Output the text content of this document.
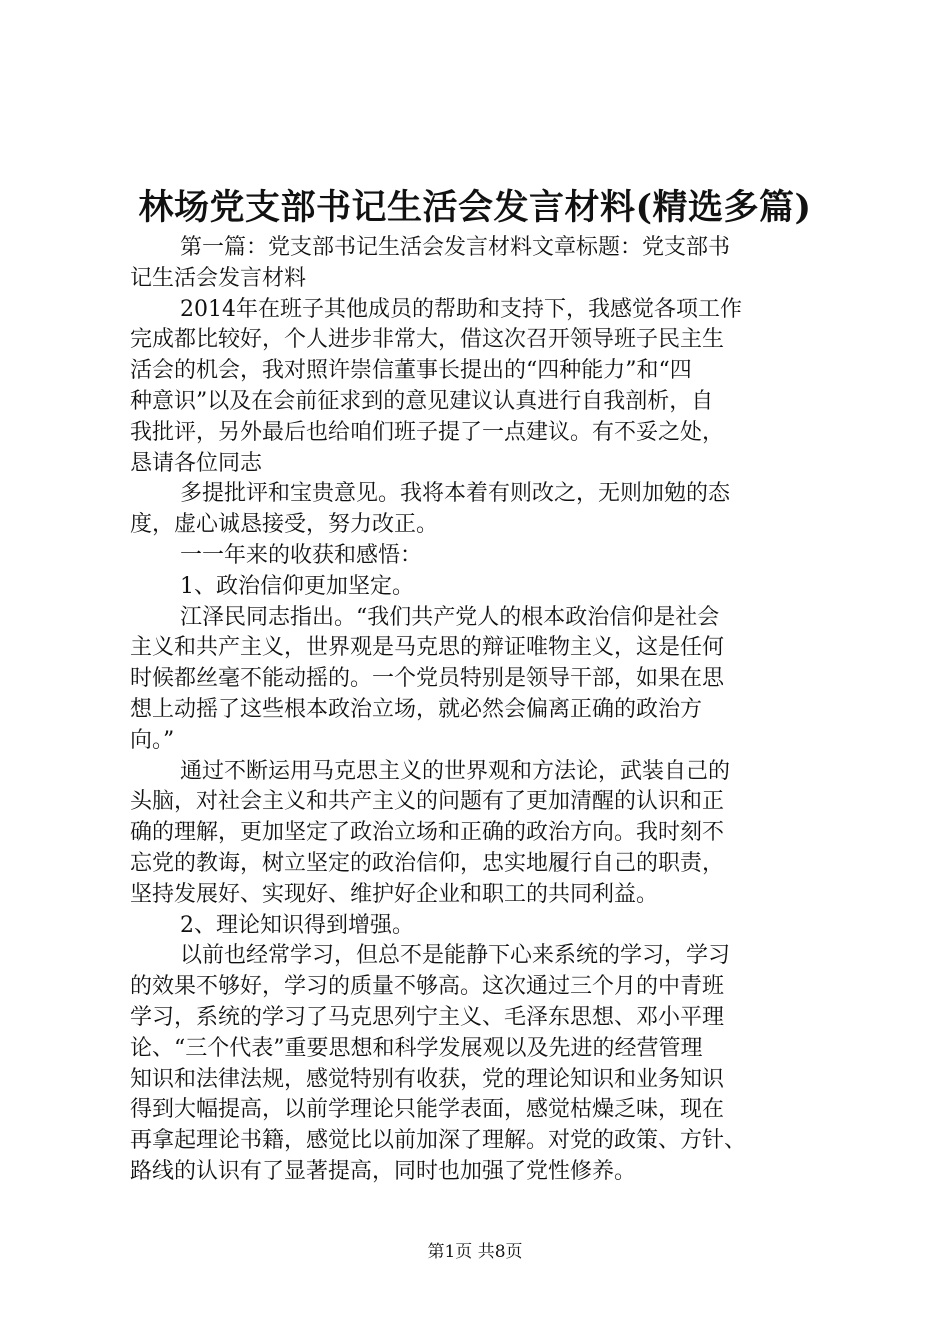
林场党支部书记生活会发言材料(精选多篇)
第一篇：党支部书记生活会发言材料文章标题：党支部书
记生活会发言材料
2014年在班子其他成员的帮助和支持下，我感觉各项工作
完成都比较好，个人进步非常大，借这次召开领导班子民主生
活会的机会，我对照许崇信董事长提出的“四种能力”和“四
种意识”以及在会前征求到的意见建议认真进行自我剖析，自
我批评，另外最后也给咱们班子提了一点建议。有不妥之处，
恳请各位同志
多提批评和宝贵意见。我将本着有则改之，无则加勉的态
度，虚心诚恳接受，努力改正。
一一年来的收获和感悟：
1、政治信仰更加坚定。
江泽民同志指出。“我们共产党人的根本政治信仰是社会
主义和共产主义，世界观是马克思的辩证唯物主义，这是任何
时候都丝毫不能动摇的。一个党员特别是领导干部，如果在思
想上动摇了这些根本政治立场，就必然会偏离正确的政治方
向。”
通过不断运用马克思主义的世界观和方法论，武装自己的
头脑，对社会主义和共产主义的问题有了更加清醒的认识和正
确的理解，更加坚定了政治立场和正确的政治方向。我时刻不
忘党的教诲，树立坚定的政治信仰，忠实地履行自己的职责，
坚持发展好、实现好、维护好企业和职工的共同利益。
2、理论知识得到增强。
以前也经常学习，但总不是能静下心来系统的学习，学习
的效果不够好，学习的质量不够高。这次通过三个月的中青班
学习，系统的学习了马克思列宁主义、毛泽东思想、邓小平理
论、“三个代表”重要思想和科学发展观以及先进的经营管理
知识和法律法规，感觉特别有收获，党的理论知识和业务知识
得到大幅提高，以前学理论只能学表面，感觉枯燥乏味，现在
再拿起理论书籍，感觉比以前加深了理解。对党的政策、方针、
路线的认识有了显著提高，同时也加强了党性修养。
第1页 共8页
